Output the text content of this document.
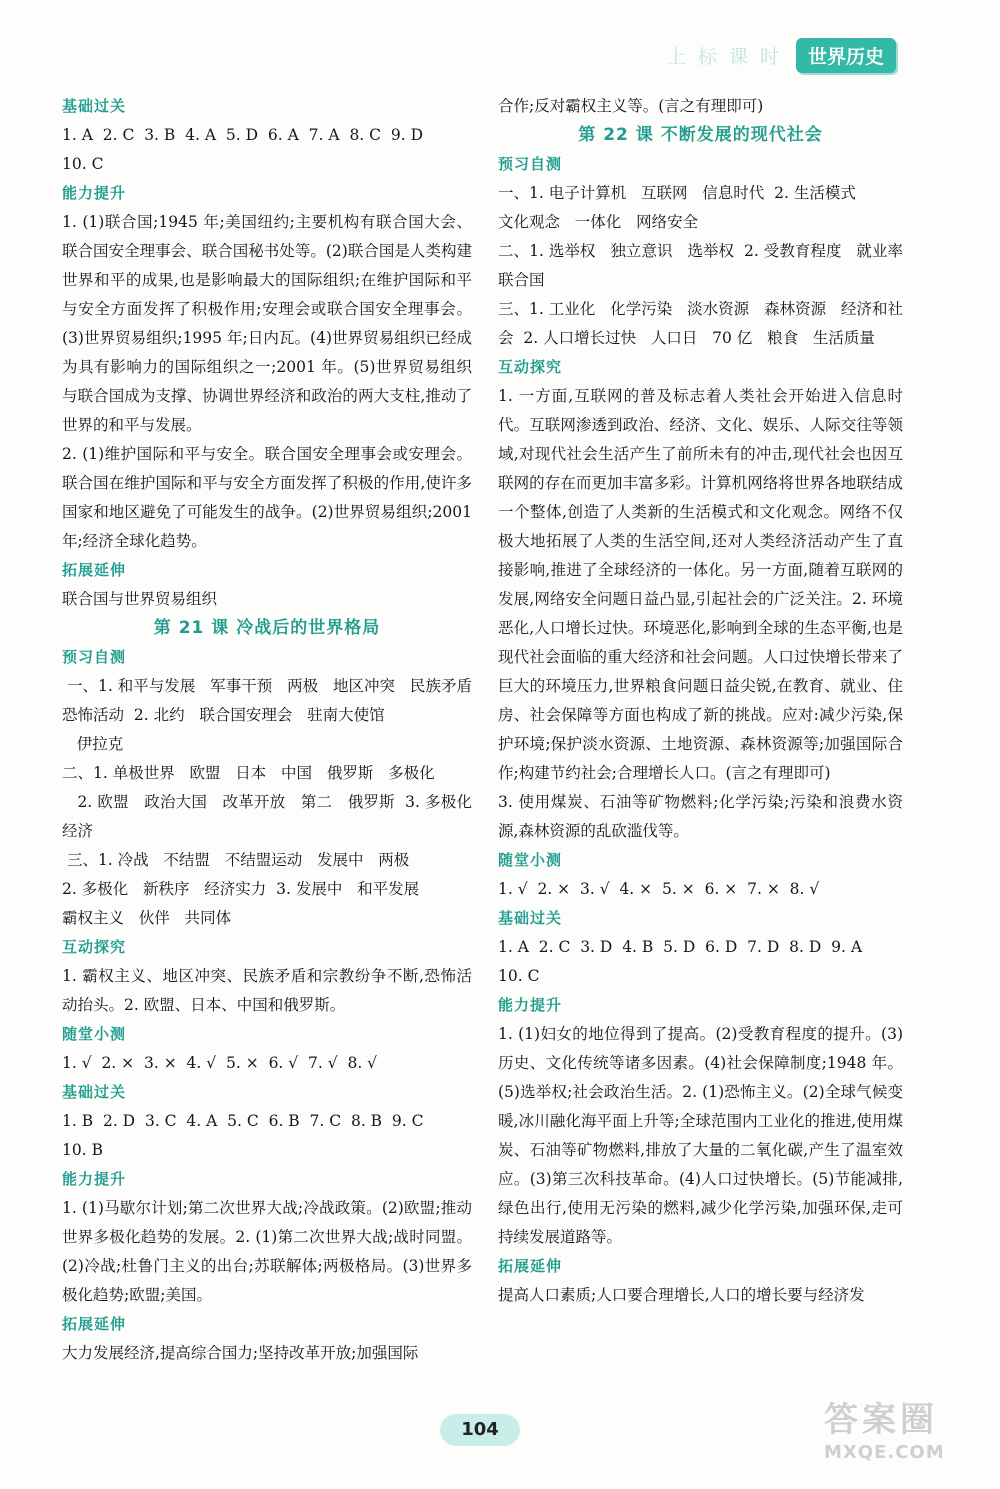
上 标 课 时	世界历史
基础过关
1. A  2. C  3. B  4. A  5. D  6. A  7. A  8. C  9. D
10. C
能力提升
1. (1)联合国;1945 年;美国纽约;主要机构有联合国大会、联合国安全理事会、联合国秘书处等。(2)联合国是人类构建世界和平的成果,也是影响最大的国际组织;在维护国际和平与安全方面发挥了积极作用;安理会或联合国安全理事会。(3)世界贸易组织;1995 年;日内瓦。(4)世界贸易组织已经成为具有影响力的国际组织之一;2001 年。(5)世界贸易组织与联合国成为支撑、协调世界经济和政治的两大支柱,推动了世界的和平与发展。
2. (1)维护国际和平与安全。联合国安全理事会或安理会。联合国在维护国际和平与安全方面发挥了积极的作用,使许多国家和地区避免了可能发生的战争。(2)世界贸易组织;2001 年;经济全球化趋势。
拓展延伸
联合国与世界贸易组织
第 21 课 冷战后的世界格局
预习自测
一、1. 和平与发展   军事干预   两极   地区冲突   民族矛盾   恐怖活动  2. 北约   联合国安理会   驻南大使馆
伊拉克
二、1. 单极世界   欧盟   日本   中国   俄罗斯   多极化
2. 欧盟   政治大国   改革开放   第二   俄罗斯  3. 多极化   经济
三、1. 冷战   不结盟   不结盟运动   发展中   两极
2. 多极化   新秩序   经济实力  3. 发展中   和平发展
霸权主义   伙伴   共同体
互动探究
1. 霸权主义、地区冲突、民族矛盾和宗教纷争不断,恐怖活动抬头。2. 欧盟、日本、中国和俄罗斯。
随堂小测
1. √  2. ×  3. ×  4. √  5. ×  6. √  7. √  8. √
基础过关
1. B  2. D  3. C  4. A  5. C  6. B  7. C  8. B  9. C
10. B
能力提升
1. (1)马歇尔计划;第二次世界大战;冷战政策。(2)欧盟;推动世界多极化趋势的发展。2. (1)第二次世界大战;战时同盟。(2)冷战;杜鲁门主义的出台;苏联解体;两极格局。(3)世界多极化趋势;欧盟;美国。
拓展延伸
大力发展经济,提高综合国力;坚持改革开放;加强国际
合作;反对霸权主义等。(言之有理即可)
第 22 课 不断发展的现代社会
预习自测
一、1. 电子计算机   互联网   信息时代  2. 生活模式
文化观念   一体化   网络安全
二、1. 选举权   独立意识   选举权  2. 受教育程度   就业率   联合国
三、1. 工业化   化学污染   淡水资源   森林资源   经济和社会  2. 人口增长过快   人口日   70 亿   粮食   生活质量
互动探究
1. 一方面,互联网的普及标志着人类社会开始进入信息时代。互联网渗透到政治、经济、文化、娱乐、人际交往等领域,对现代社会生活产生了前所未有的冲击,现代社会也因互联网的存在而更加丰富多彩。计算机网络将世界各地联结成一个整体,创造了人类新的生活模式和文化观念。网络不仅极大地拓展了人类的生活空间,还对人类经济活动产生了直接影响,推进了全球经济的一体化。另一方面,随着互联网的发展,网络安全问题日益凸显,引起社会的广泛关注。2. 环境恶化,人口增长过快。环境恶化,影响到全球的生态平衡,也是现代社会面临的重大经济和社会问题。人口过快增长带来了巨大的环境压力,世界粮食问题日益尖锐,在教育、就业、住房、社会保障等方面也构成了新的挑战。应对:减少污染,保护环境;保护淡水资源、土地资源、森林资源等;加强国际合作;构建节约社会;合理增长人口。(言之有理即可)
3. 使用煤炭、石油等矿物燃料;化学污染;污染和浪费水资源,森林资源的乱砍滥伐等。
随堂小测
1. √  2. ×  3. √  4. ×  5. ×  6. ×  7. ×  8. √
基础过关
1. A  2. C  3. D  4. B  5. D  6. D  7. D  8. D  9. A
10. C
能力提升
1. (1)妇女的地位得到了提高。(2)受教育程度的提升。(3)历史、文化传统等诸多因素。(4)社会保障制度;1948 年。(5)选举权;社会政治生活。2. (1)恐怖主义。(2)全球气候变暖,冰川融化海平面上升等;全球范围内工业化的推进,使用煤炭、石油等矿物燃料,排放了大量的二氧化碳,产生了温室效应。(3)第三次科技革命。(4)人口过快增长。(5)节能减排,绿色出行,使用无污染的燃料,减少化学污染,加强环保,走可持续发展道路等。
拓展延伸
提高人口素质;人口要合理增长,人口的增长要与经济发
104	答案圈
MXQE.COM
